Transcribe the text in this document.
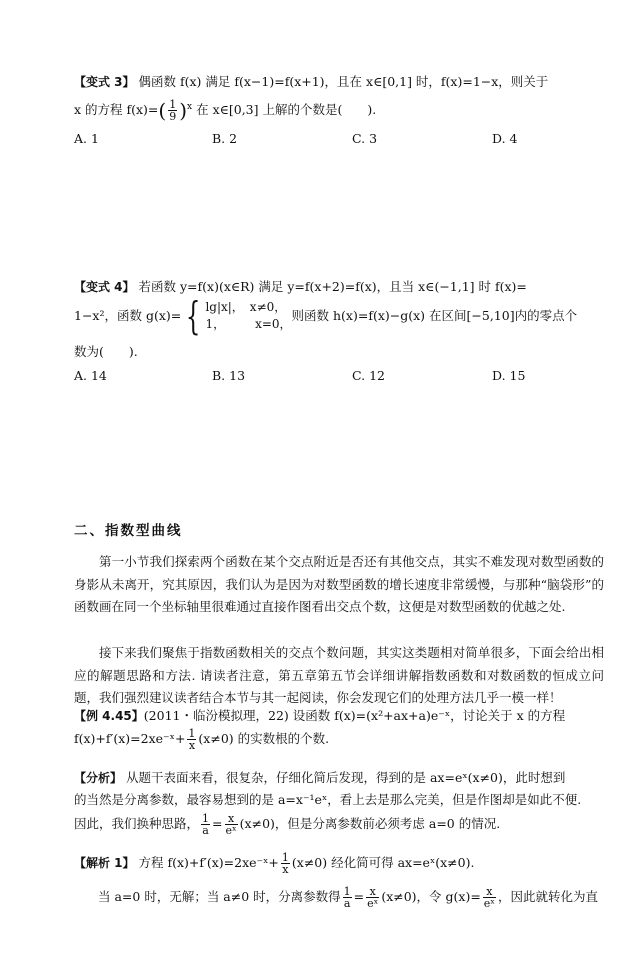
【变式 3】 偶函数 f(x) 满足 f(x−1)=f(x+1)，且在 x∈[0,1] 时，f(x)=1−x，则关于
x 的方程 $f(x)=( \frac{1}{9} )^x$ 在 x∈[0,3] 上解的个数是(　　).
A. 1	B. 2	C. 3	D. 4
【变式 4】 若函数 y=f(x)(x∈R) 满足 y=f(x+2)=f(x)，且当 x∈(−1,1] 时 f(x)=
1−x²，函数 g(x)= { lg|x|，　x≠0，
1，　　　x=0，
则函数 h(x)=f(x)−g(x) 在区间[−5,10]内的零点个
数为(　　).
A. 14	B. 13	C. 12	D. 15
二、指数型曲线
第一小节我们探索两个函数在某个交点附近是否还有其他交点，其实不难发现对数型函数的身影从未离开，究其原因，我们认为是因为对数型函数的增长速度非常缓慢，与那种“脑袋形”的函数画在同一个坐标轴里很难通过直接作图看出交点个数，这便是对数型函数的优越之处.
接下来我们聚焦于指数函数相关的交点个数问题，其实这类题相对简单很多，下面会给出相应的解题思路和方法. 请读者注意，第五章第五节会详细讲解指数函数和对数函数的恒成立问题，我们强烈建议读者结合本节与其一起阅读，你会发现它们的处理方法几乎一模一样！
【例 4.45】(2011・临汾模拟理，22) 设函数 f(x)=(x²+ax+a)e⁻ˣ，讨论关于 x 的方程
f(x)+f′(x)=2xe⁻ˣ+ $\frac{1}{x} (x\ne 0)$ 的实数根的个数.
【分析】 从题干表面来看，很复杂，仔细化简后发现，得到的是 ax=eˣ(x≠0)，此时想到
的当然是分离参数，最容易想到的是 a=x⁻¹eˣ，看上去是那么完美，但是作图却是如此不便.
因此，我们换种思路， $\frac{1}{a} = \frac{x}{\text{eˣ}} (x\ne 0)$，但是分离参数前必须考虑 a=0 的情况.
【解析 1】 方程 f(x)+f′(x)=2xe⁻ˣ+ $\frac{1}{x} (x\ne 0)$ 经化简可得 ax=eˣ(x≠0).
当 a=0 时，无解；当 a≠0 时，分离参数得 $\frac{1}{a} = \frac{x}{\text{eˣ}} (x\ne 0)$，令 $g(x)= \frac{x}{\text{eˣ}}$ ，因此就转化为直
